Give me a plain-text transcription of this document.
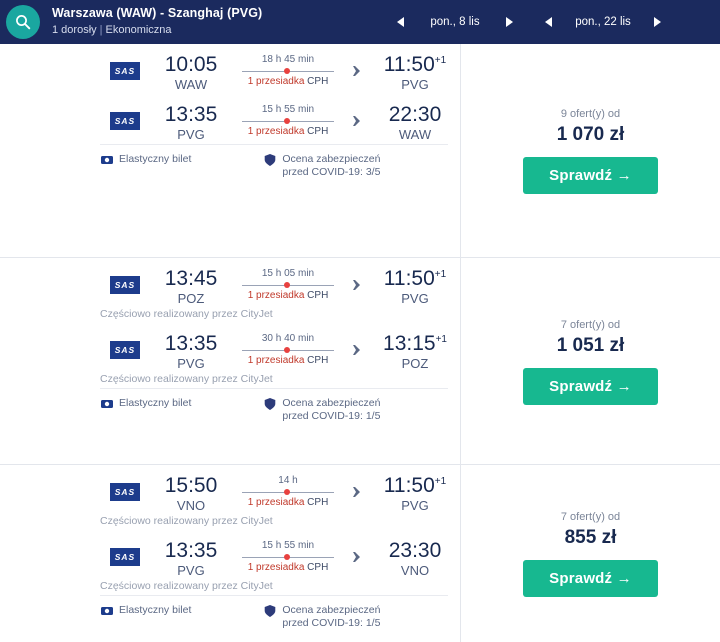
Warszawa (WAW) - Szanghaj (PVG)
1 dorosły | Ekonomiczna
pon., 8 lis	pon., 22 lis
SAS	10:05
WAW
18 h 45 min
1 przesiadka CPH
$11:50^{+1}$
PVG
SAS	13:35
PVG
15 h 55 min
1 przesiadka CPH
22:30
WAW
Elastyczny bilet	Ocena zabezpieczeń
przed COVID-19: 3/5
SAS	13:45
POZ
15 h 05 min
1 przesiadka CPH
$11:50^{+1}$
PVG
Częściowo realizowany przez CityJet
SAS	13:35
PVG
30 h 40 min
1 przesiadka CPH
$13:15^{+1}$
POZ
Częściowo realizowany przez CityJet
Elastyczny bilet	Ocena zabezpieczeń
przed COVID-19: 1/5
SAS	15:50
VNO
14 h
1 przesiadka CPH
$11:50^{+1}$
PVG
Częściowo realizowany przez CityJet
SAS	13:35
PVG
15 h 55 min
1 przesiadka CPH
23:30
VNO
Częściowo realizowany przez CityJet
Elastyczny bilet	Ocena zabezpieczeń
przed COVID-19: 1/5
9 ofert(y) od
1 070 zł
Sprawdź →
7 ofert(y) od
1 051 zł
Sprawdź →
7 ofert(y) od
855 zł
Sprawdź →
